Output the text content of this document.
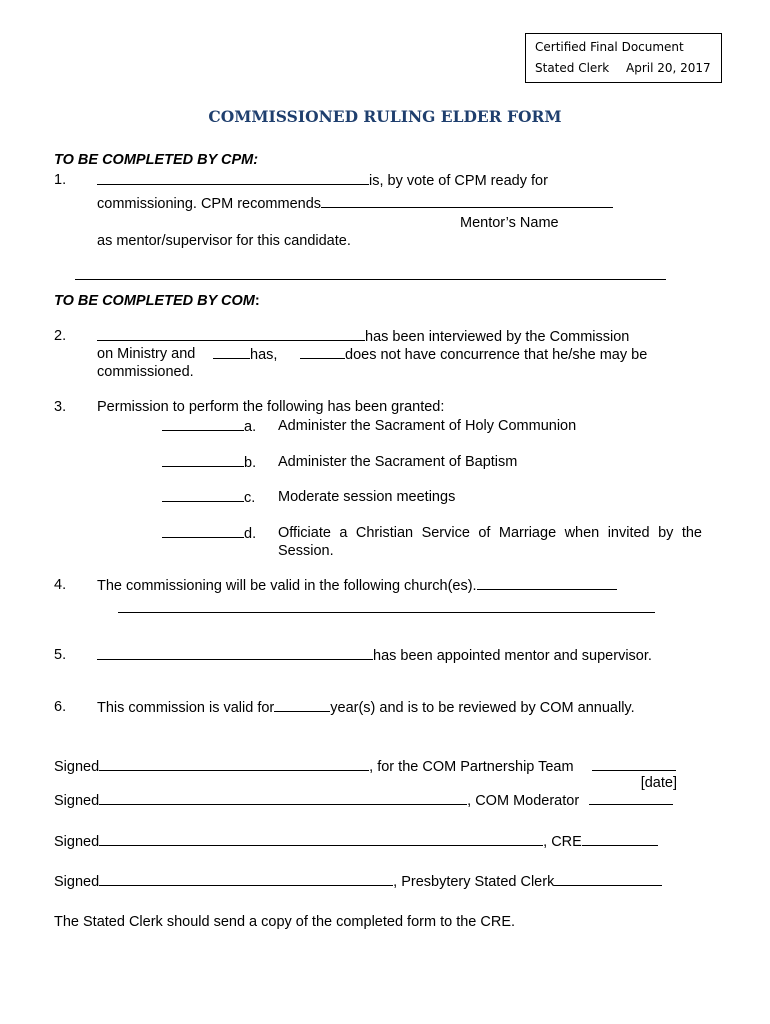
Certified Final Document
Stated Clerk April 20, 2017
COMMISSIONED RULING ELDER FORM
TO BE COMPLETED BY CPM:
1.	is, by vote of CPM ready for
commissioning. CPM recommends
Mentor’s Name
as mentor/supervisor for this candidate.
TO BE COMPLETED BY COM:
2.	has been interviewed by the Commission
on Ministry and	has,	does not have concurrence that he/she may be
commissioned.
3. Permission to perform the following has been granted:
a. Administer the Sacrament of Holy Communion
b. Administer the Sacrament of Baptism
c. Moderate session meetings
d. Officiate a Christian Service of Marriage when invited by the
Session.
4. The commissioning will be valid in the following church(es).
5.	has been appointed mentor and supervisor.
6. This commission is valid for	year(s) and is to be reviewed by COM annually.
Signed	, for the COM Partnership Team
[date]
Signed	, COM Moderator
Signed	, CRE
Signed	, Presbytery Stated Clerk
The Stated Clerk should send a copy of the completed form to the CRE.
